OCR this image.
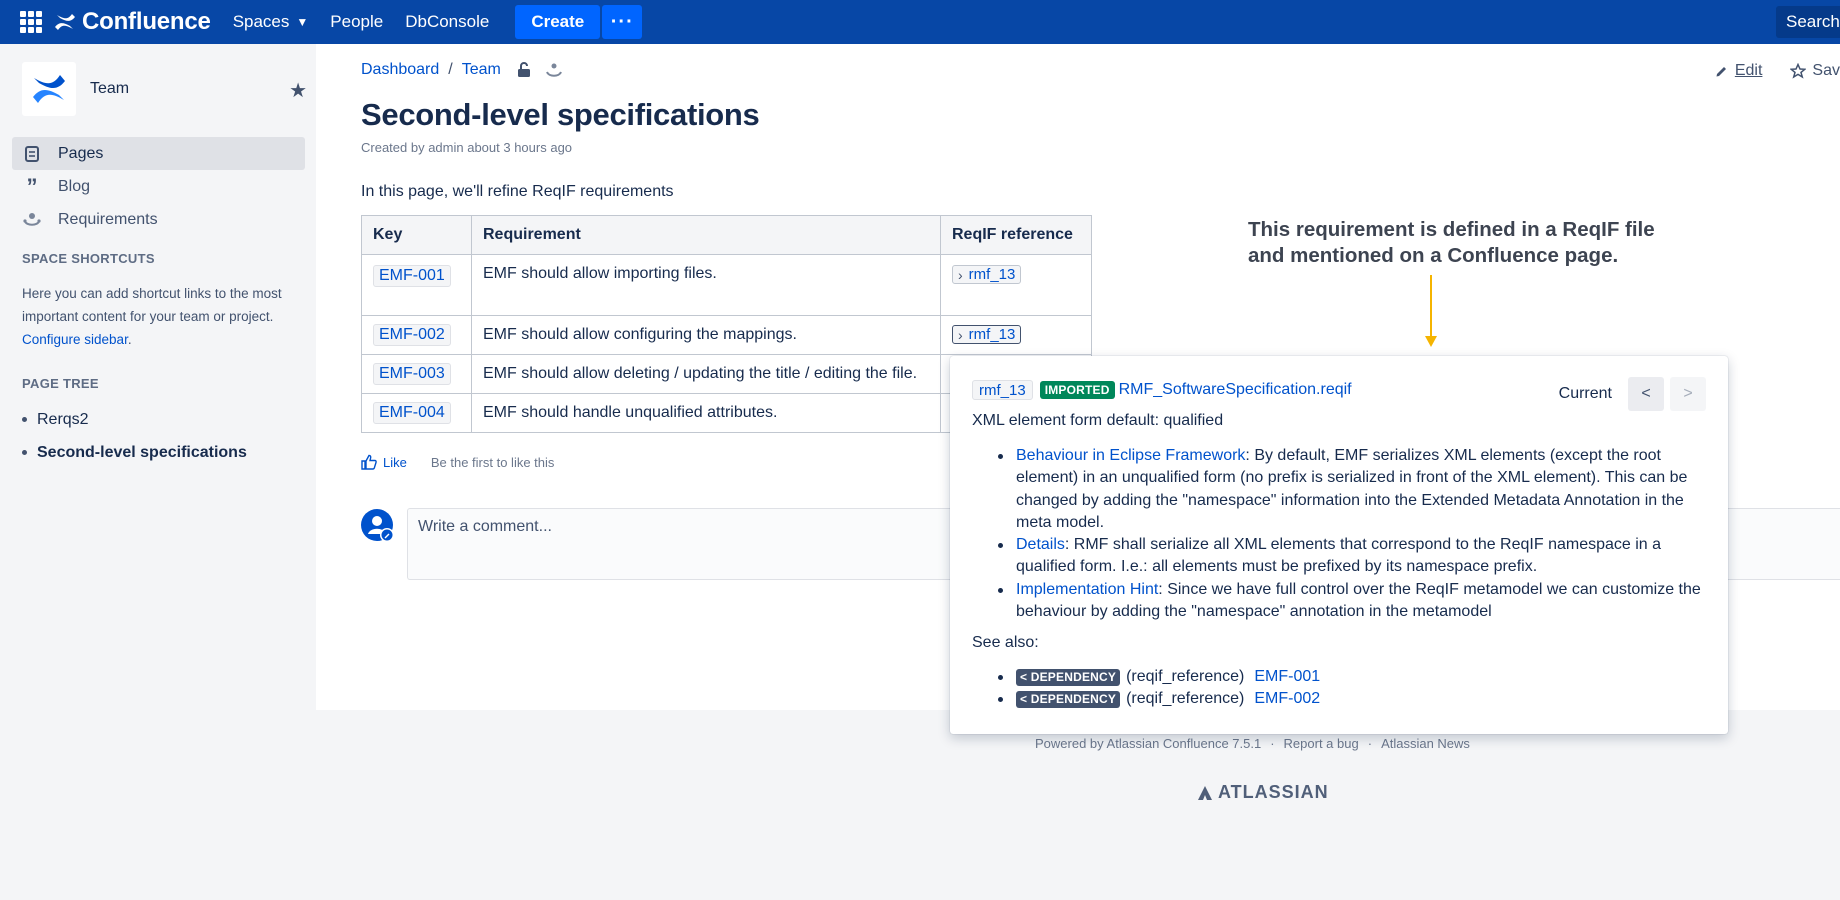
Confluence Spaces ▼ People DbConsole	Create	···	Search
Team	★
Pages
” Blog
Requirements
SPACE SHORTCUTS
Here you can add shortcut links to the most important content for your team or project. Configure sidebar.
PAGE TREE
Rerqs2
Second-level specifications
Dashboard / Team	Edit	Sav
Second-level specifications
Created by admin about 3 hours ago
In this page, we'll refine ReqIF requirements
Key	Requirement	ReqIF reference
EMF-001	EMF should allow importing files.	› rmf_13

EMF-002	EMF should allow configuring the mappings.	› rmf_13

EMF-003	EMF should allow deleting / updating the title / editing the file.	
EMF-004	EMF should handle unqualified attributes.	
Like Be the first to like this
Write a comment...
This requirement is defined in a ReqIF file
and mentioned on a Confluence page.
Powered by Atlassian Confluence 7.5.1 · Report a bug · Atlassian News
ATLASSIAN
rmf_13	IMPORTED RMF_SoftwareSpecification.reqif	Current	<	>
XML element form default: qualified
Behaviour in Eclipse Framework: By default, EMF serializes XML elements (except the root element) in an unqualified form (no prefix is serialized in front of the XML element). This can be changed by adding the "namespace" information into the Extended Metadata Annotation in the meta model.
Details: RMF shall serialize all XML elements that correspond to the ReqIF namespace in a qualified form. I.e.: all elements must be prefixed by its namespace prefix.
Implementation Hint: Since we have full control over the ReqIF metamodel we can customize the behaviour by adding the "namespace" annotation in the metamodel
See also:
< DEPENDENCY (reqif_reference) EMF-001
< DEPENDENCY (reqif_reference) EMF-002
